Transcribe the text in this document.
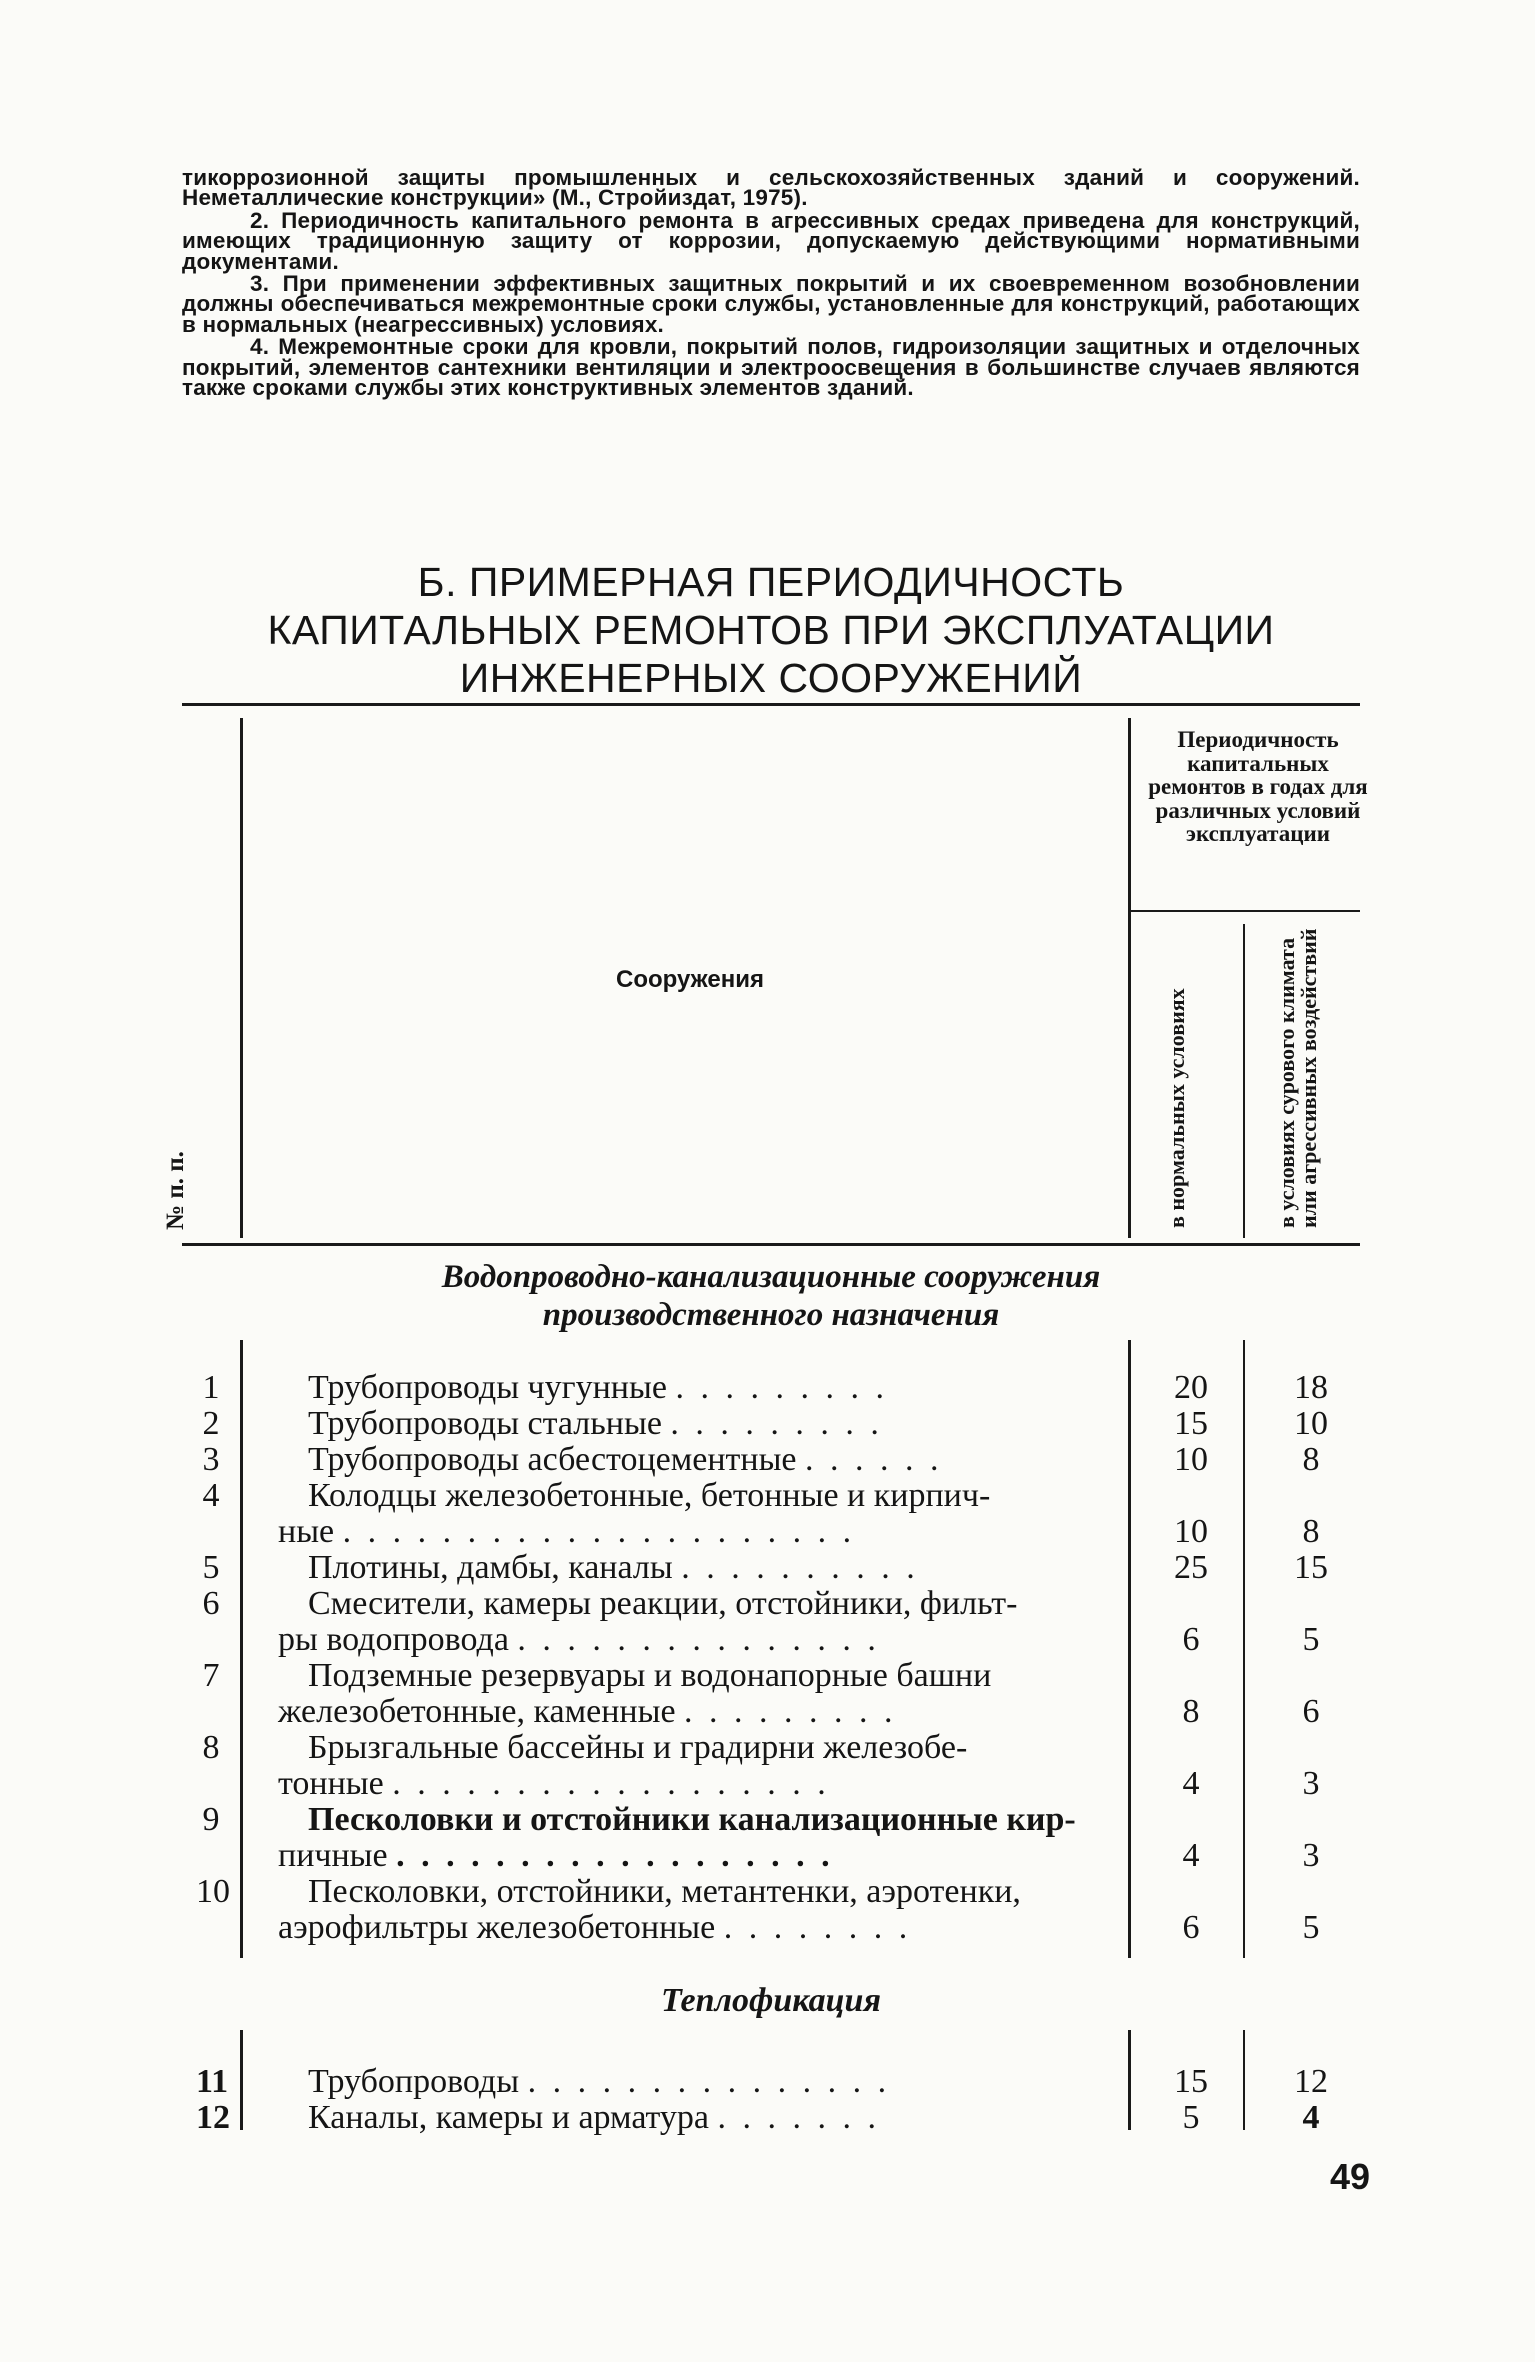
тикоррозионной защиты промышленных и сельскохозяйственных зданий и сооружений. Неметаллические конструкции» (М., Стройиздат, 1975).

2. Периодичность капитального ремонта в агрессивных средах приведена для конструкций, имеющих традиционную защиту от коррозии, допускаемую действующими нормативными документами.

3. При применении эффективных защитных покрытий и их своевременном возобновлении должны обеспечиваться межремонтные сроки службы, установленные для конструкций, работающих в нормальных (неагрессивных) условиях.

4. Межремонтные сроки для кровли, покрытий полов, гидроизоляции защитных и отделочных покрытий, элементов сантехники вентиляции и электроосвещения в большинстве случаев являются также сроками службы этих конструктивных элементов зданий.

Б. ПРИМЕРНАЯ ПЕРИОДИЧНОСТЬ
КАПИТАЛЬНЫХ РЕМОНТОВ ПРИ ЭКСПЛУАТАЦИИ
ИНЖЕНЕРНЫХ СООРУЖЕНИЙ
№ п. п.
Сооружения
Периодичность капитальных ремонтов в годах для различных условий эксплуатации
в нормальных условиях	в условиях сурового климата или агрессивных воздействий
Водопроводно-канализационные сооружения
производственного назначения
1	Трубопроводы чугунные . . . . . . . . .	20	18
2	Трубопроводы стальные . . . . . . . . .	15	10
3	Трубопроводы асбестоцементные . . . . . .	10	8
4	Колодцы железобетонные, бетонные и кирпич-
ные . . . . . . . . . . . . . . . . . . . . .	10	8
5	Плотины, дамбы, каналы . . . . . . . . . .	25	15
6	Смесители, камеры реакции, отстойники, фильт-
ры водопровода . . . . . . . . . . . . . . .	6	5
7	Подземные резервуары и водонапорные башни
железобетонные, каменные . . . . . . . . .	8	6
8	Брызгальные бассейны и градирни железобе-
тонные . . . . . . . . . . . . . . . . . .	4	3
9	Песколовки и отстойники канализационные кир-
пичные . . . . . . . . . . . . . . . . . .	4	3
10	Песколовки, отстойники, метантенки, аэротенки,
аэрофильтры железобетонные . . . . . . . .	6	5
Теплофикация
11	Трубопроводы . . . . . . . . . . . . . . .	15	12
12	Каналы, камеры и арматура . . . . . . .	5	4
49
